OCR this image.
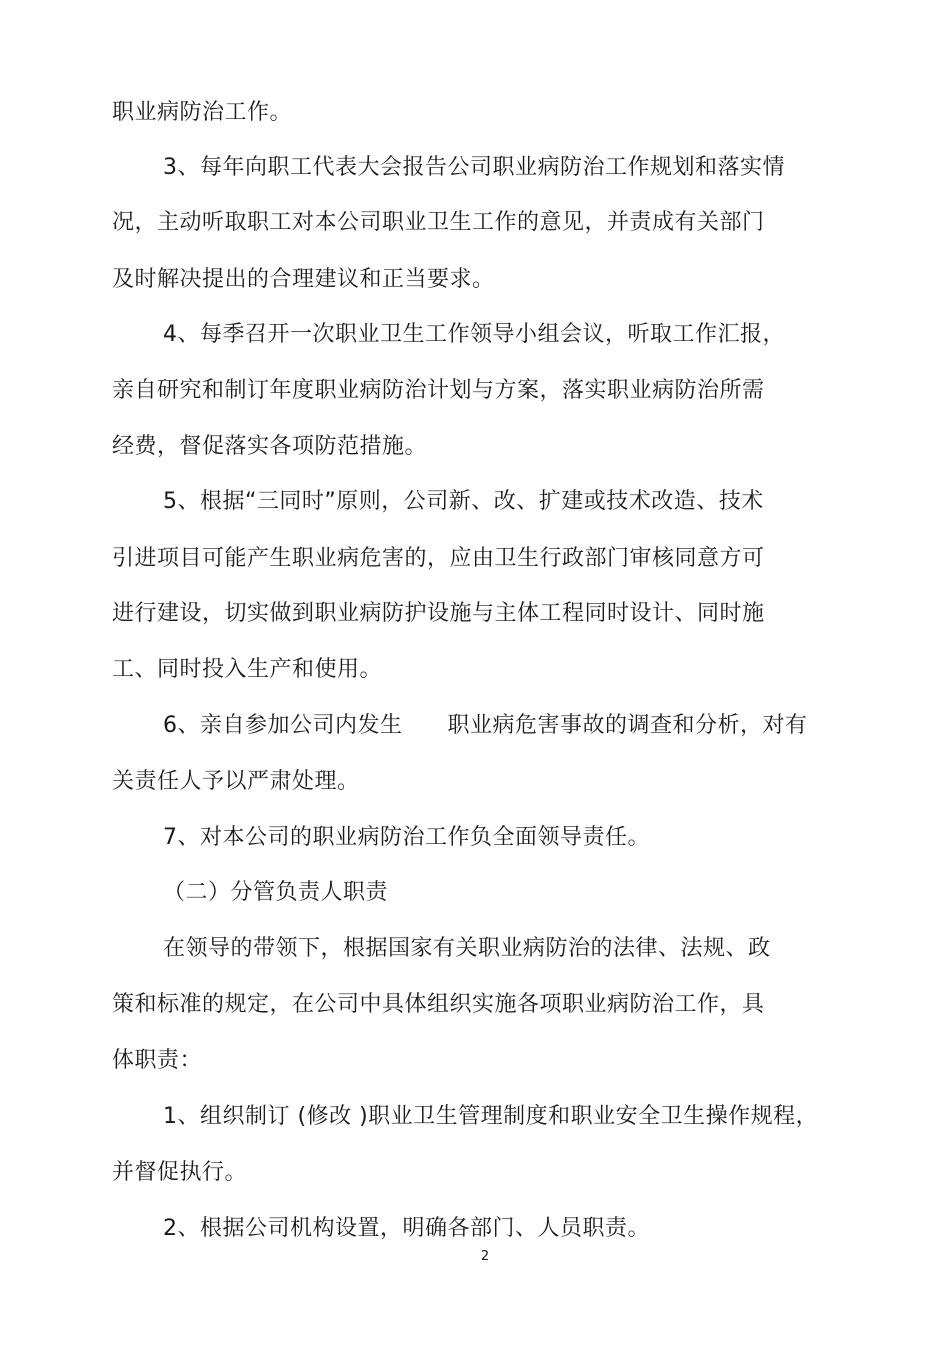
职业病防治工作。
3、每年向职工代表大会报告公司职业病防治工作规划和落实情
况，主动听取职工对本公司职业卫生工作的意见，并责成有关部门
及时解决提出的合理建议和正当要求。
4、每季召开一次职业卫生工作领导小组会议，听取工作汇报，
亲自研究和制订年度职业病防治计划与方案，落实职业病防治所需
经费，督促落实各项防范措施。
5、根据“三同时”原则，公司新、改、扩建或技术改造、技术
引进项目可能产生职业病危害的，应由卫生行政部门审核同意方可
进行建设，切实做到职业病防护设施与主体工程同时设计、同时施
工、同时投入生产和使用。
6、亲自参加公司内发生　　职业病危害事故的调查和分析，对有
关责任人予以严肃处理。
7、对本公司的职业病防治工作负全面领导责任。
（二）分管负责人职责
在领导的带领下，根据国家有关职业病防治的法律、法规、政
策和标准的规定，在公司中具体组织实施各项职业病防治工作，具
体职责：
1、组织制订 (修改 )职业卫生管理制度和职业安全卫生操作规程，
并督促执行。
2、根据公司机构设置，明确各部门、人员职责。
2
